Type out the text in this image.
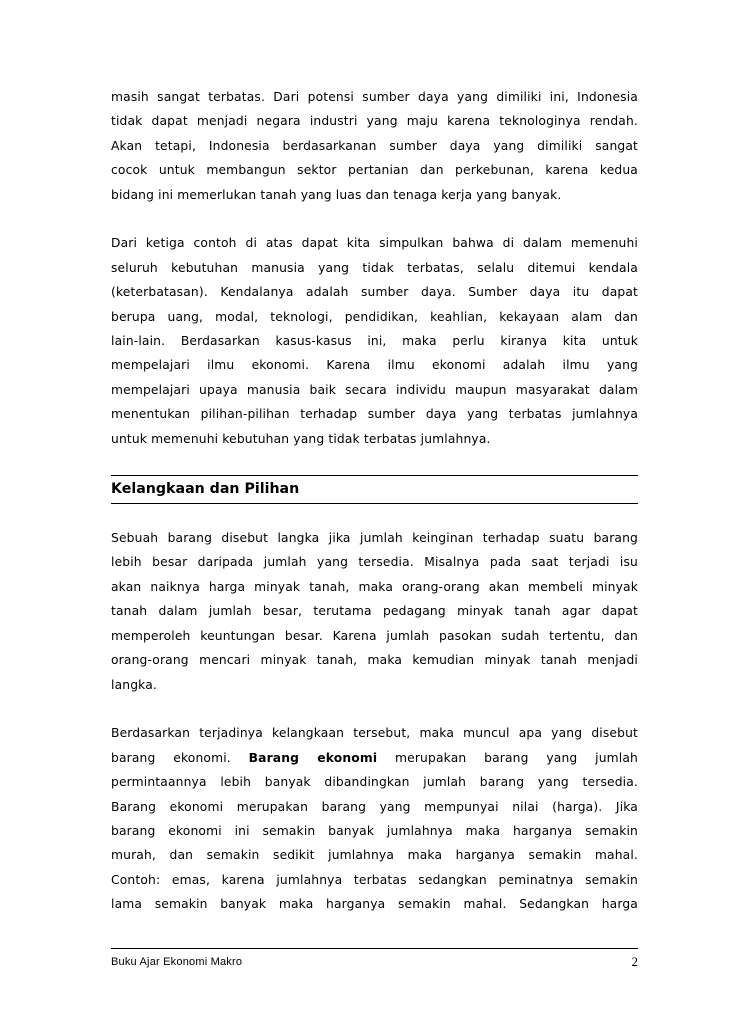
masih sangat terbatas. Dari potensi sumber daya yang dimiliki ini, Indonesia
tidak dapat menjadi negara industri yang maju karena teknologinya rendah.
Akan tetapi, Indonesia berdasarkanan sumber daya yang dimiliki sangat
cocok untuk membangun sektor pertanian dan perkebunan, karena kedua
bidang ini memerlukan tanah yang luas dan tenaga kerja yang banyak.

Dari ketiga contoh di atas dapat kita simpulkan bahwa di dalam memenuhi
seluruh kebutuhan manusia yang tidak terbatas, selalu ditemui kendala
(keterbatasan). Kendalanya adalah sumber daya. Sumber daya itu dapat
berupa uang, modal, teknologi, pendidikan, keahlian, kekayaan alam dan
lain-lain. Berdasarkan kasus-kasus ini, maka perlu kiranya kita untuk
mempelajari ilmu ekonomi. Karena ilmu ekonomi adalah ilmu yang
mempelajari upaya manusia baik secara individu maupun masyarakat dalam
menentukan pilihan-pilihan terhadap sumber daya yang terbatas jumlahnya
untuk memenuhi kebutuhan yang tidak terbatas jumlahnya.

Kelangkaan dan Pilihan

Sebuah barang disebut langka jika jumlah keinginan terhadap suatu barang
lebih besar daripada jumlah yang tersedia. Misalnya pada saat terjadi isu
akan naiknya harga minyak tanah, maka orang-orang akan membeli minyak
tanah dalam jumlah besar, terutama pedagang minyak tanah agar dapat
memperoleh keuntungan besar. Karena jumlah pasokan sudah tertentu, dan
orang-orang mencari minyak tanah, maka kemudian minyak tanah menjadi
langka.

Berdasarkan terjadinya kelangkaan tersebut, maka muncul apa yang disebut
barang ekonomi. Barang ekonomi merupakan barang yang jumlah
permintaannya lebih banyak dibandingkan jumlah barang yang tersedia.
Barang ekonomi merupakan barang yang mempunyai nilai (harga). Jika
barang ekonomi ini semakin banyak jumlahnya maka harganya semakin
murah, dan semakin sedikit jumlahnya maka harganya semakin mahal.
Contoh: emas, karena jumlahnya terbatas sedangkan peminatnya semakin
lama semakin banyak maka harganya semakin mahal. Sedangkan harga

Buku Ajar Ekonomi Makro	2
